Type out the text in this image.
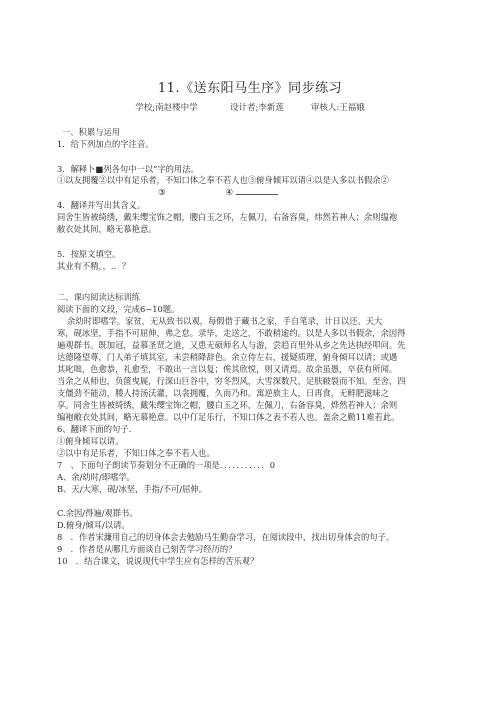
11.《送东阳马生序》同步练习
学校;南赵楼中学	设计者;李新莲	审核人:王福娥
一、积累与运用
1．给下列加点的字注音。
3．解释卜■列各句中一以”字的用法。
①以友拥覆②以中有足乐者，不知口体之奉不若人也③俯身倾耳以请④以是人多以书假余②
③	④
4．翻译并写出其含义。
同舍生皆被绮绣，戴朱缨宝饰之帽，腰白玉之环，左佩刀，右备容臭，炜然若神人；余则缊袍
敝衣处其间，略无慕艳意。
5．按原文填空。
其业有不精，，.．？
二、课内阅读达标训练
阅读下面的文段，完成6~10题。
余幼时即嗜学。家贫，无从致书以观，每假借于藏书之家，手自笔录，计日以还。天大
寒，砚冰坚，手指不可屈伸，弗之怠。录毕，走送之，不敢稍逾约。以是人多以书假余，余因得
遍观群书。既加冠，益慕圣贤之道，又患无硕师名人与游，尝趋百里外从乡之先达执经叩问。先
达德隆望尊，门人弟子填其室，未尝稍降辞色。余立侍左右，援疑质理，俯身倾耳以请；或遇
其叱咄，色愈恭，礼愈至，不敢出一言以复；俟其欣悦，则又请焉。故余虽愚，卒获有所闻。
当余之从师也，负箧曳屣，行深山巨谷中，穷冬烈风，大雪深数尺，足肤皲裂而不知。至舍，四
支僵劲不能动，媵人持汤沃灌，以衾拥覆，久而乃和。寓逆旅主人，日再食，无鲜肥滋味之
享。同舍生皆被绮绣，戴朱缨宝饰之帽，腰白玉之环，左佩刀，右备容臭，烨然若神人；余则
编袍敝衣处其间，略无慕艳意。以中仃足乐行，不知口体之表不若人也。盖余之勤11难若此。
6、翻译下面的句子.
①俯身倾耳以请。
②以中有足乐者，不知口体之奉不若人也。
7　、下面句子朗读节奏划分不正确的一项是．．．．．．．．．．．0
A、余/幼时/即嗜学。
B、天/大寒，砚/冰坚，手指/不可/屈伸。
C.余因/得遍/观群书。
D.俯身/倾耳/以请。
8　．作者宋濂用自己的切身体会去勉励马生勤奋学习，在阅读段中，找出切身体会的句子。
9　．作者是从哪几方面谈自己刻苦学习经历的？
10　．结合课文，说说现代中学生应有怎样的苦乐观？
